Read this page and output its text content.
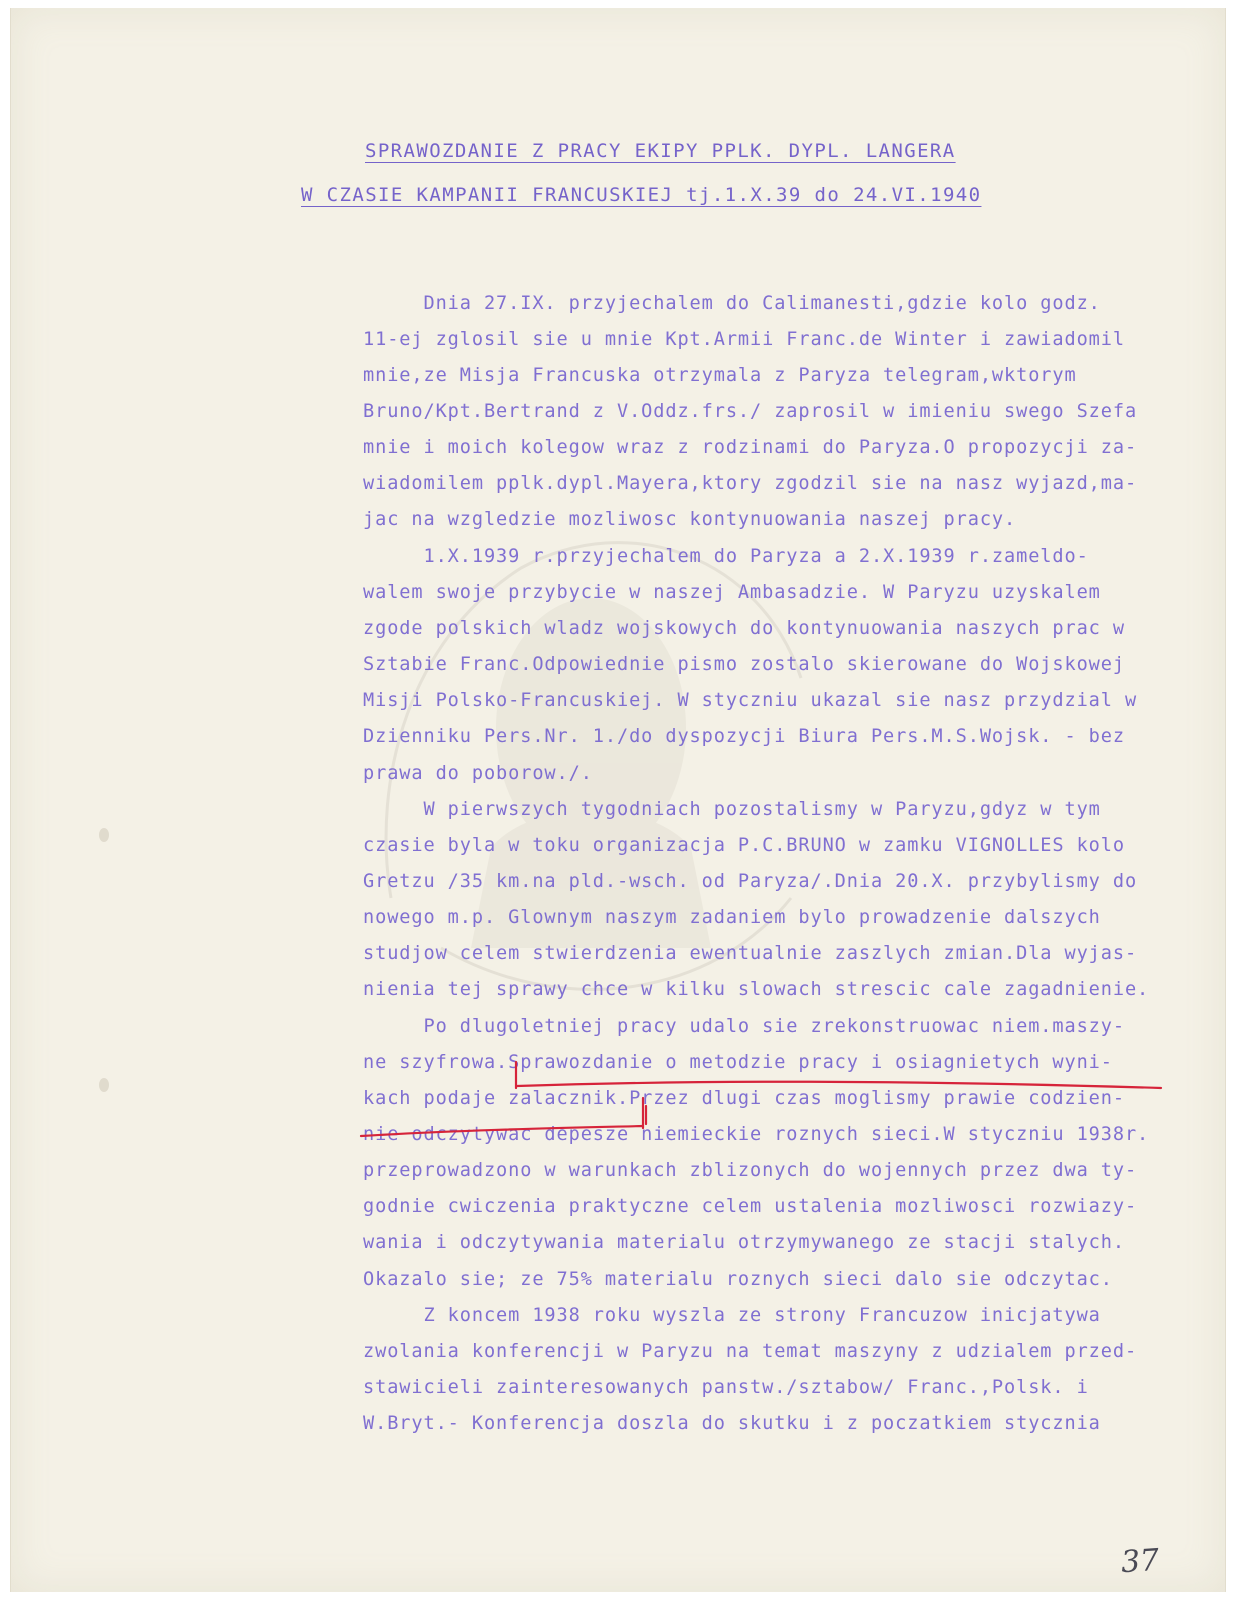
SPRAWOZDANIE Z PRACY EKIPY PPLK. DYPL. LANGERA
W CZASIE KAMPANII FRANCUSKIEJ tj.1.X.39 do 24.VI.1940
Dnia 27.IX. przyjechalem do Calimanesti,gdzie kolo godz.
11-ej zglosil sie u mnie Kpt.Armii Franc.de Winter i zawiadomil
mnie,ze Misja Francuska otrzymala z Paryza telegram,wktorym
Bruno/Kpt.Bertrand z V.Oddz.frs./ zaprosil w imieniu swego Szefa
mnie i moich kolegow wraz z rodzinami do Paryza.O propozycji za-
wiadomilem pplk.dypl.Mayera,ktory zgodzil sie na nasz wyjazd,ma-
jac na wzgledzie mozliwosc kontynuowania naszej pracy.
1.X.1939 r.przyjechalem do Paryza a 2.X.1939 r.zameldo-
walem swoje przybycie w naszej Ambasadzie. W Paryzu uzyskalem
zgode polskich wladz wojskowych do kontynuowania naszych prac w
Sztabie Franc.Odpowiednie pismo zostalo skierowane do Wojskowej
Misji Polsko-Francuskiej. W styczniu ukazal sie nasz przydzial w
Dzienniku Pers.Nr. 1./do dyspozycji Biura Pers.M.S.Wojsk. - bez
prawa do poborow./.
W pierwszych tygodniach pozostalismy w Paryzu,gdyz w tym
czasie byla w toku organizacja P.C.BRUNO w zamku VIGNOLLES kolo
Gretzu /35 km.na pld.-wsch. od Paryza/.Dnia 20.X. przybylismy do
nowego m.p. Glownym naszym zadaniem bylo prowadzenie dalszych
studjow celem stwierdzenia ewentualnie zaszlych zmian.Dla wyjas-
nienia tej sprawy chce w kilku slowach strescic cale zagadnienie.
Po dlugoletniej pracy udalo sie zrekonstruowac niem.maszy-
ne szyfrowa.Sprawozdanie o metodzie pracy i osiagnietych wyni-
kach podaje zalacznik.Przez dlugi czas moglismy prawie codzien-
nie odczytywac depesze niemieckie roznych sieci.W styczniu 1938r.
przeprowadzono w warunkach zblizonych do wojennych przez dwa ty-
godnie cwiczenia praktyczne celem ustalenia mozliwosci rozwiazy-
wania i odczytywania materialu otrzymywanego ze stacji stalych.
Okazalo sie; ze 75% materialu roznych sieci dalo sie odczytac.
Z koncem 1938 roku wyszla ze strony Francuzow inicjatywa
zwolania konferencji w Paryzu na temat maszyny z udzialem przed-
stawicieli zainteresowanych panstw./sztabow/ Franc.,Polsk. i
W.Bryt.- Konferencja doszla do skutku i z poczatkiem stycznia
37
